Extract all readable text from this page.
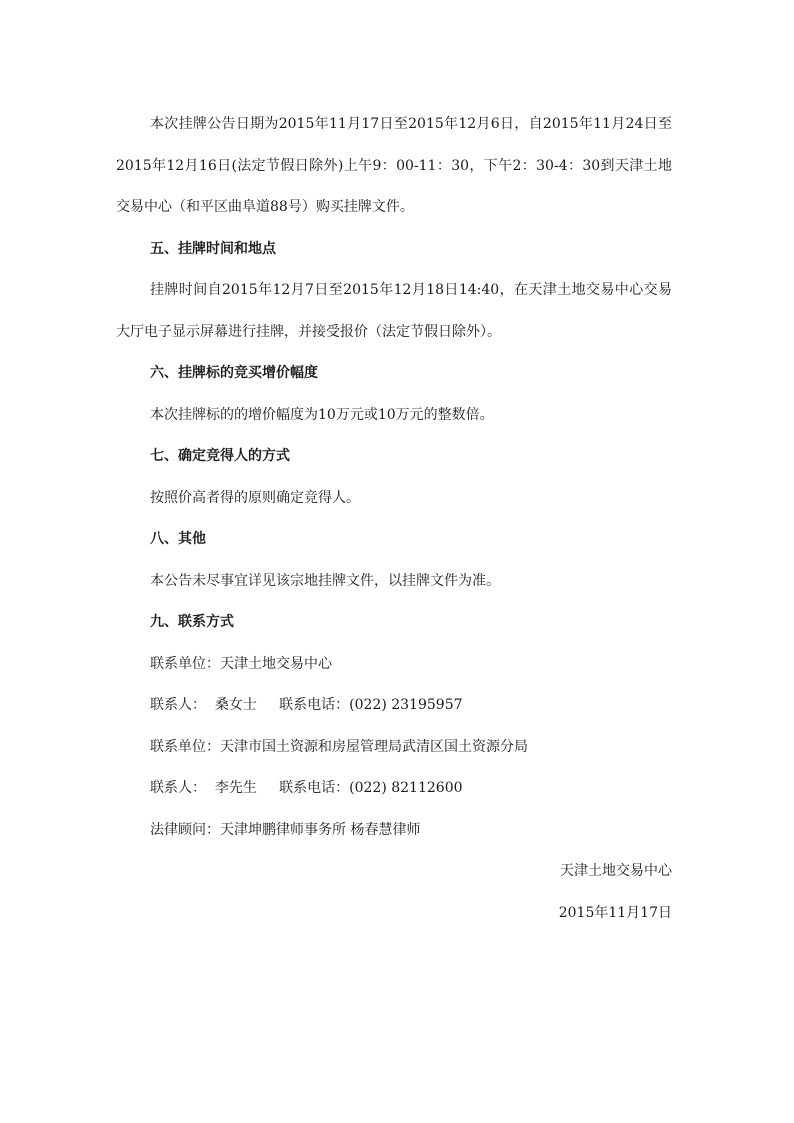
本次挂牌公告日期为2015年11月17日至2015年12月6日，自2015年11月24日至2015年12月16日(法定节假日除外)上午9：00-11：30，下午2：30-4：30到天津土地交易中心（和平区曲阜道88号）购买挂牌文件。

五、挂牌时间和地点

挂牌时间自2015年12月7日至2015年12月18日14:40，在天津土地交易中心交易大厅电子显示屏幕进行挂牌，并接受报价（法定节假日除外）。

六、挂牌标的竞买增价幅度

本次挂牌标的的增价幅度为10万元或10万元的整数倍。

七、确定竞得人的方式

按照价高者得的原则确定竞得人。

八、其他

本公告未尽事宜详见该宗地挂牌文件，以挂牌文件为准。

九、联系方式

联系单位：天津土地交易中心

联系人：  桑女士     联系电话：(022) 23195957

联系单位：天津市国土资源和房屋管理局武清区国土资源分局

联系人：  李先生     联系电话：(022) 82112600

法律顾问：天津坤鹏律师事务所 杨春慧律师

天津土地交易中心

2015年11月17日
